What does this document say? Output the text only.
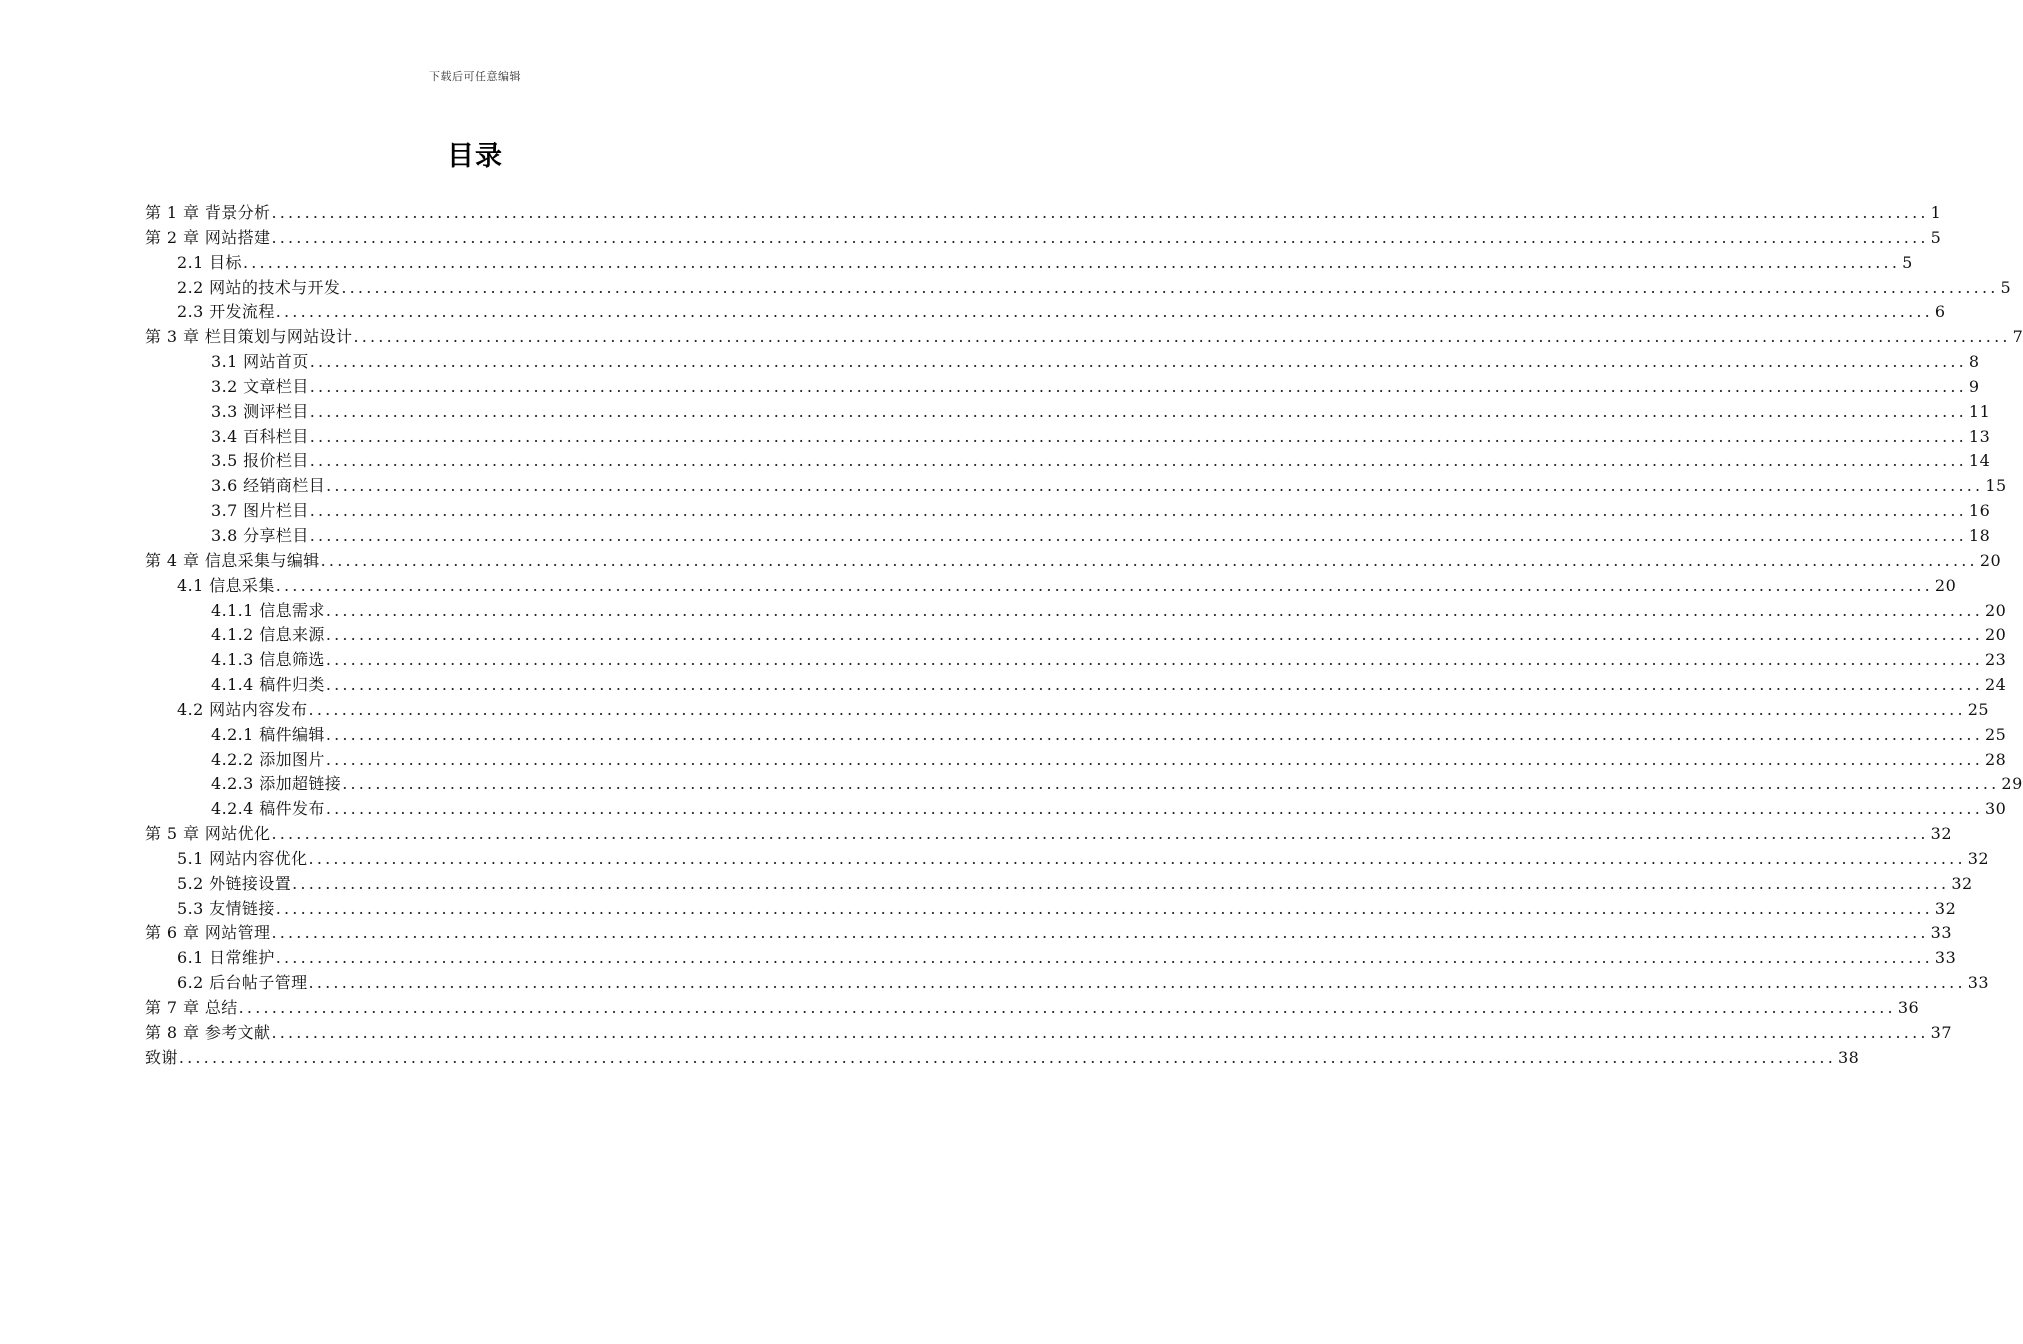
下载后可任意编辑
目录
第 1 章 背景分析 ........................................................................................................................................................................................................ 1
第 2 章 网站搭建 ........................................................................................................................................................................................................ 5
2.1 目标 ........................................................................................................................................................................................................ 5
2.2 网站的技术与开发 ........................................................................................................................................................................................................ 5
2.3 开发流程 ........................................................................................................................................................................................................ 6
第 3 章 栏目策划与网站设计 ........................................................................................................................................................................................................ 7
3.1 网站首页 ........................................................................................................................................................................................................ 8
3.2 文章栏目 ........................................................................................................................................................................................................ 9
3.3 测评栏目 ........................................................................................................................................................................................................ 11
3.4 百科栏目 ........................................................................................................................................................................................................ 13
3.5 报价栏目 ........................................................................................................................................................................................................ 14
3.6 经销商栏目 ........................................................................................................................................................................................................ 15
3.7 图片栏目 ........................................................................................................................................................................................................ 16
3.8 分享栏目 ........................................................................................................................................................................................................ 18
第 4 章 信息采集与编辑 ........................................................................................................................................................................................................ 20
4.1 信息采集 ........................................................................................................................................................................................................ 20
4.1.1 信息需求 ........................................................................................................................................................................................................ 20
4.1.2 信息来源 ........................................................................................................................................................................................................ 20
4.1.3 信息筛选 ........................................................................................................................................................................................................ 23
4.1.4 稿件归类 ........................................................................................................................................................................................................ 24
4.2 网站内容发布 ........................................................................................................................................................................................................ 25
4.2.1 稿件编辑 ........................................................................................................................................................................................................ 25
4.2.2 添加图片 ........................................................................................................................................................................................................ 28
4.2.3 添加超链接 ........................................................................................................................................................................................................ 29
4.2.4 稿件发布 ........................................................................................................................................................................................................ 30
第 5 章 网站优化 ........................................................................................................................................................................................................ 32
5.1 网站内容优化 ........................................................................................................................................................................................................ 32
5.2 外链接设置 ........................................................................................................................................................................................................ 32
5.3 友情链接 ........................................................................................................................................................................................................ 32
第 6 章 网站管理 ........................................................................................................................................................................................................ 33
6.1 日常维护 ........................................................................................................................................................................................................ 33
6.2 后台帖子管理 ........................................................................................................................................................................................................ 33
第 7 章 总结 ........................................................................................................................................................................................................ 36
第 8 章 参考文献 ........................................................................................................................................................................................................ 37
致谢 ........................................................................................................................................................................................................ 38
